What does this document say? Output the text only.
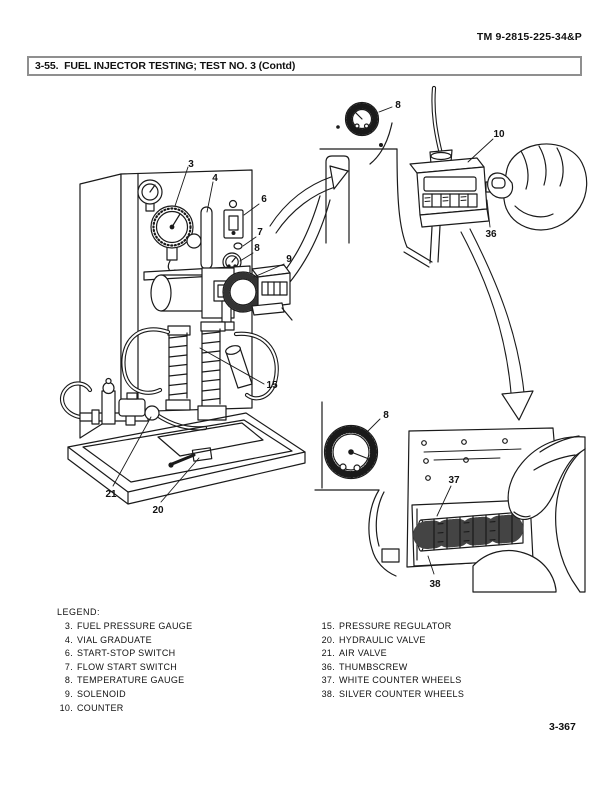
TM 9-2815-225-34&P
3-55.  FUEL INJECTOR TESTING; TEST NO. 3 (Contd)
3
4
6
7
8
9
15
21
20
8
10
36
8
37
38
LEGEND:
3. FUEL PRESSURE GAUGE
4. VIAL GRADUATE
6. START-STOP SWITCH
7. FLOW START SWITCH
8. TEMPERATURE GAUGE
9. SOLENOID
10. COUNTER
15. PRESSURE REGULATOR
20. HYDRAULIC VALVE
21. AIR VALVE
36. THUMBSCREW
37. WHITE COUNTER WHEELS
38. SILVER COUNTER WHEELS
3-367
